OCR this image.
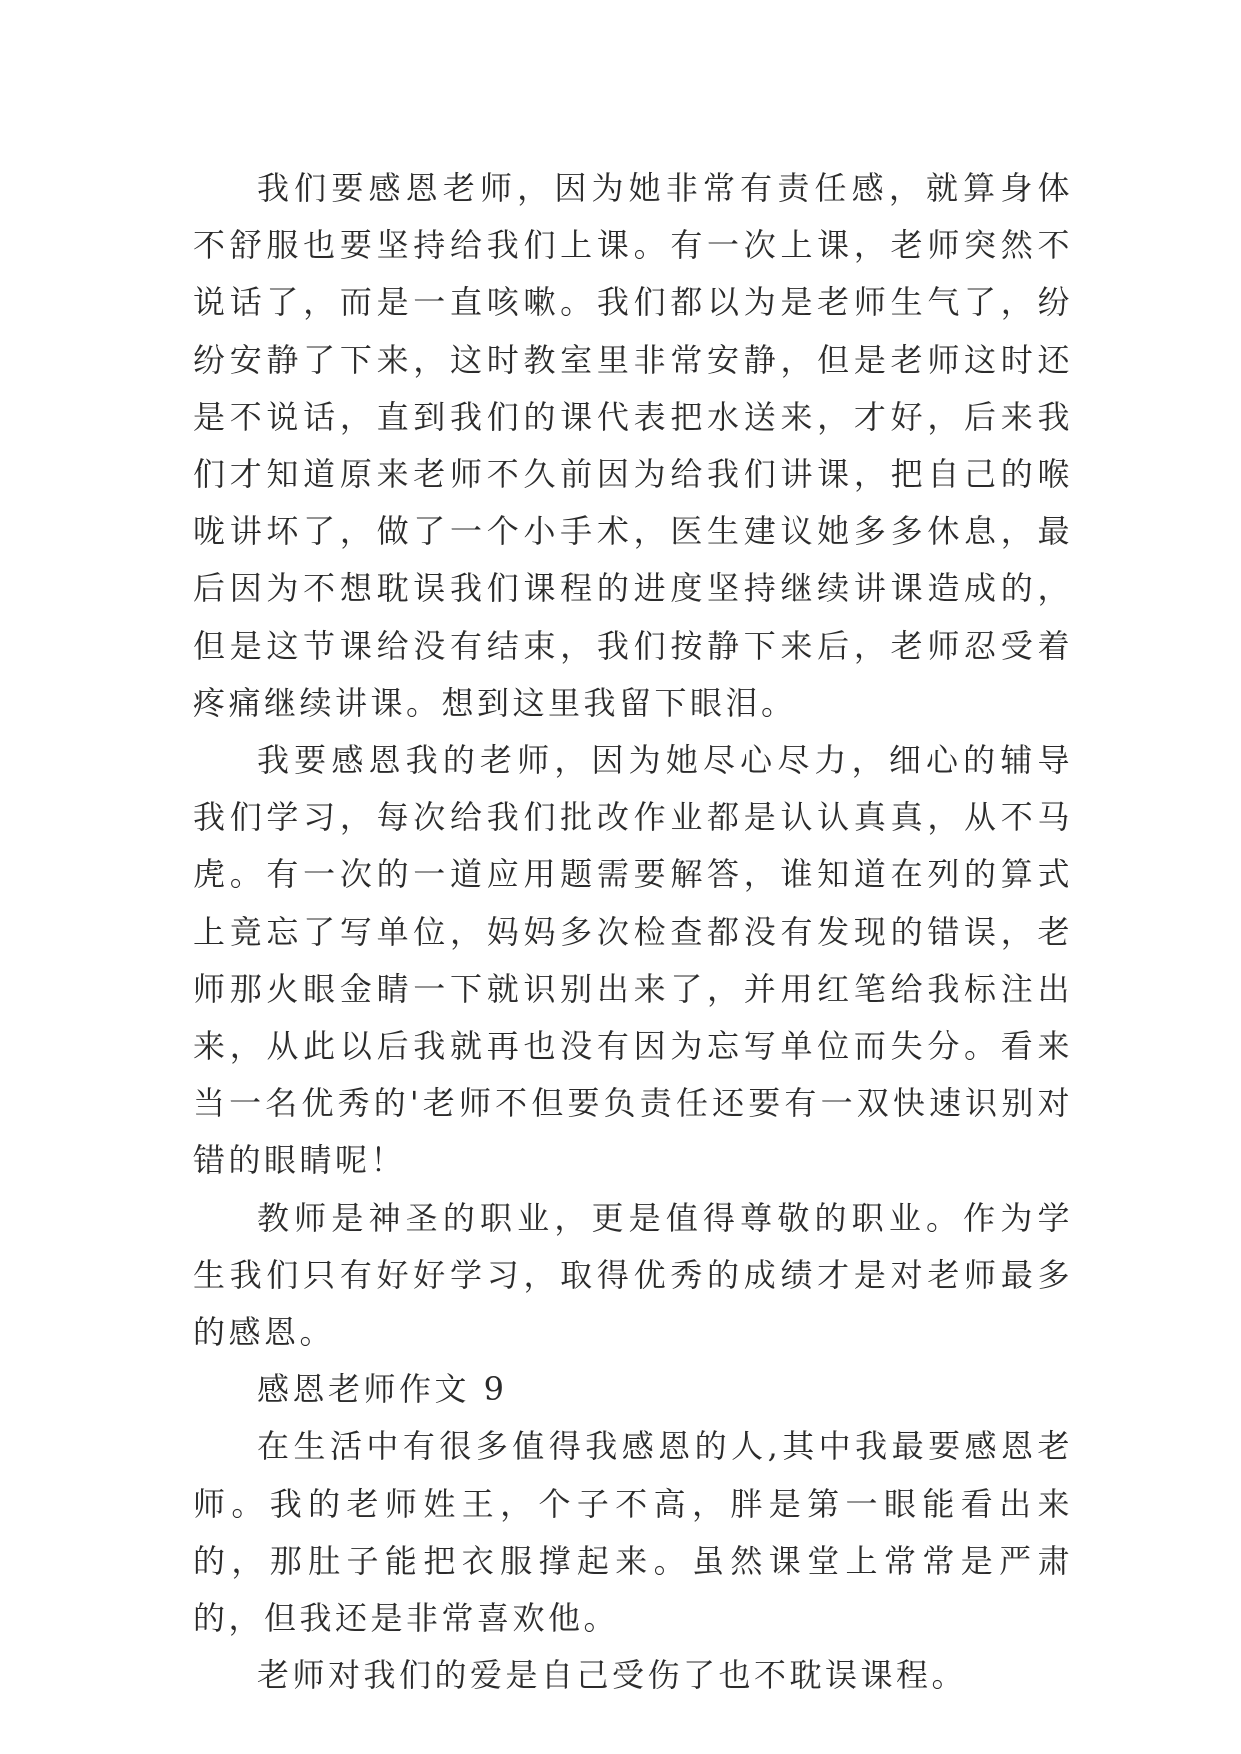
我们要感恩老师，因为她非常有责任感，就算身体不舒服也要坚持给我们上课。有一次上课，老师突然不说话了，而是一直咳嗽。我们都以为是老师生气了，纷纷安静了下来，这时教室里非常安静，但是老师这时还是不说话，直到我们的课代表把水送来，才好，后来我们才知道原来老师不久前因为给我们讲课，把自己的喉咙讲坏了，做了一个小手术，医生建议她多多休息，最后因为不想耽误我们课程的进度坚持继续讲课造成的，但是这节课给没有结束，我们按静下来后，老师忍受着疼痛继续讲课。想到这里我留下眼泪。

我要感恩我的老师，因为她尽心尽力，细心的辅导我们学习，每次给我们批改作业都是认认真真，从不马虎。有一次的一道应用题需要解答，谁知道在列的算式上竟忘了写单位，妈妈多次检查都没有发现的错误，老师那火眼金睛一下就识别出来了，并用红笔给我标注出来，从此以后我就再也没有因为忘写单位而失分。看来当一名优秀的'老师不但要负责任还要有一双快速识别对错的眼睛呢！

教师是神圣的职业，更是值得尊敬的职业。作为学生我们只有好好学习，取得优秀的成绩才是对老师最多的感恩。

感恩老师作文 9

在生活中有很多值得我感恩的人,其中我最要感恩老师。我的老师姓王，个子不高，胖是第一眼能看出来的，那肚子能把衣服撑起来。虽然课堂上常常是严肃的，但我还是非常喜欢他。

老师对我们的爱是自己受伤了也不耽误课程。
